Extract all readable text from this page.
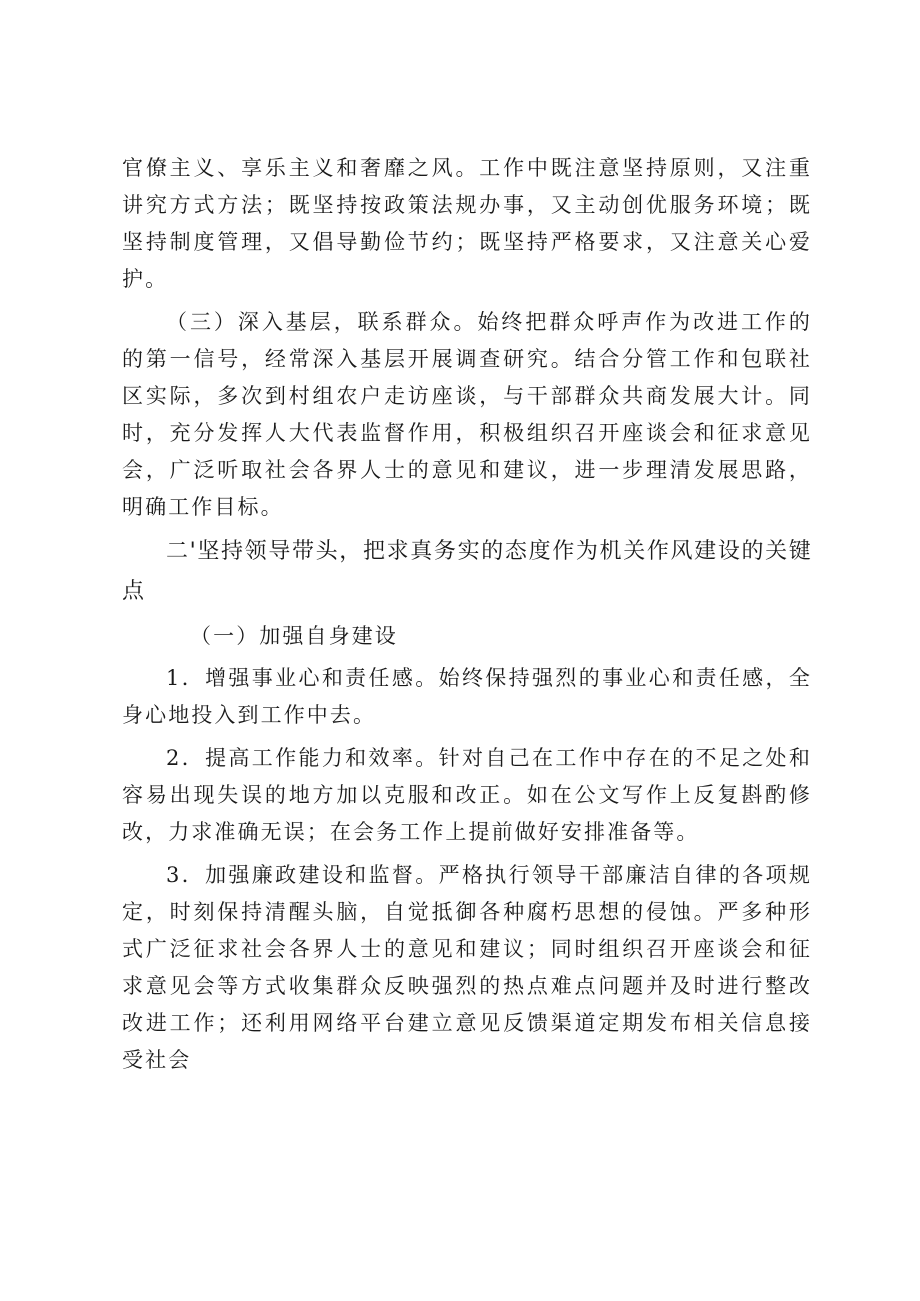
官僚主义、享乐主义和奢靡之风。工作中既注意坚持原则，又注重讲究方式方法；既坚持按政策法规办事，又主动创优服务环境；既坚持制度管理，又倡导勤俭节约；既坚持严格要求，又注意关心爱护。

（三）深入基层，联系群众。始终把群众呼声作为改进工作的的第一信号，经常深入基层开展调查研究。结合分管工作和包联社区实际，多次到村组农户走访座谈，与干部群众共商发展大计。同时，充分发挥人大代表监督作用，积极组织召开座谈会和征求意见会，广泛听取社会各界人士的意见和建议，进一步理清发展思路，明确工作目标。

二'坚持领导带头，把求真务实的态度作为机关作风建设的关键点

（一）加强自身建设

1．增强事业心和责任感。始终保持强烈的事业心和责任感，全身心地投入到工作中去。

2．提高工作能力和效率。针对自己在工作中存在的不足之处和容易出现失误的地方加以克服和改正。如在公文写作上反复斟酌修改，力求准确无误；在会务工作上提前做好安排准备等。

3．加强廉政建设和监督。严格执行领导干部廉洁自律的各项规定，时刻保持清醒头脑，自觉抵御各种腐朽思想的侵蚀。严多种形式广泛征求社会各界人士的意见和建议；同时组织召开座谈会和征求意见会等方式收集群众反映强烈的热点难点问题并及时进行整改改进工作；还利用网络平台建立意见反馈渠道定期发布相关信息接受社会
